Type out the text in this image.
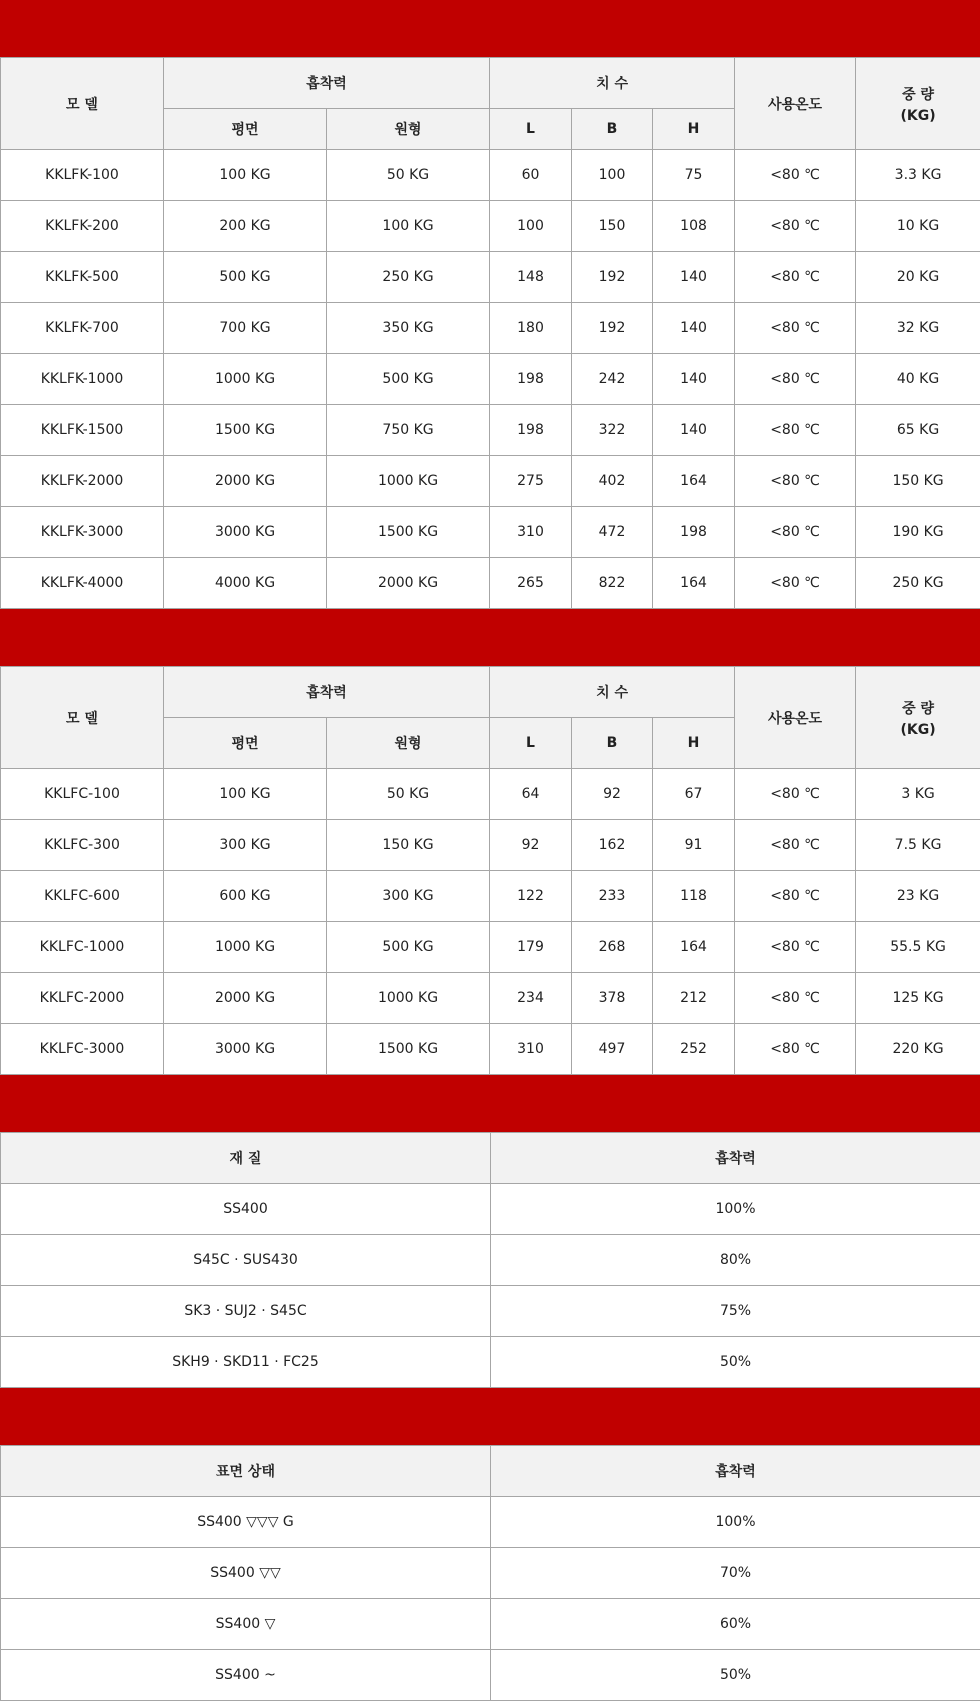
모 델	흡착력		치 수			사용온도	중 량
(KG)

	평면	원형	L	B	H		
KKLFK-100	100 KG	50 KG	60	100	75	<80 ℃	3.3 KG
KKLFK-200	200 KG	100 KG	100	150	108	<80 ℃	10 KG
KKLFK-500	500 KG	250 KG	148	192	140	<80 ℃	20 KG
KKLFK-700	700 KG	350 KG	180	192	140	<80 ℃	32 KG
KKLFK-1000	1000 KG	500 KG	198	242	140	<80 ℃	40 KG
KKLFK-1500	1500 KG	750 KG	198	322	140	<80 ℃	65 KG
KKLFK-2000	2000 KG	1000 KG	275	402	164	<80 ℃	150 KG
KKLFK-3000	3000 KG	1500 KG	310	472	198	<80 ℃	190 KG
KKLFK-4000	4000 KG	2000 KG	265	822	164	<80 ℃	250 KG
모 델	흡착력		치 수			사용온도	중 량
(KG)

	평면	원형	L	B	H		
KKLFC-100	100 KG	50 KG	64	92	67	<80 ℃	3 KG
KKLFC-300	300 KG	150 KG	92	162	91	<80 ℃	7.5 KG
KKLFC-600	600 KG	300 KG	122	233	118	<80 ℃	23 KG
KKLFC-1000	1000 KG	500 KG	179	268	164	<80 ℃	55.5 KG
KKLFC-2000	2000 KG	1000 KG	234	378	212	<80 ℃	125 KG
KKLFC-3000	3000 KG	1500 KG	310	497	252	<80 ℃	220 KG
재 질	흡착력
SS400	100%
S45C · SUS430	80%
SK3 · SUJ2 · S45C	75%
SKH9 · SKD11 · FC25	50%
표면 상태	흡착력
SS400 ▽▽▽ G	100%
SS400 ▽▽	70%
SS400 ▽	60%
SS400 ~	50%
